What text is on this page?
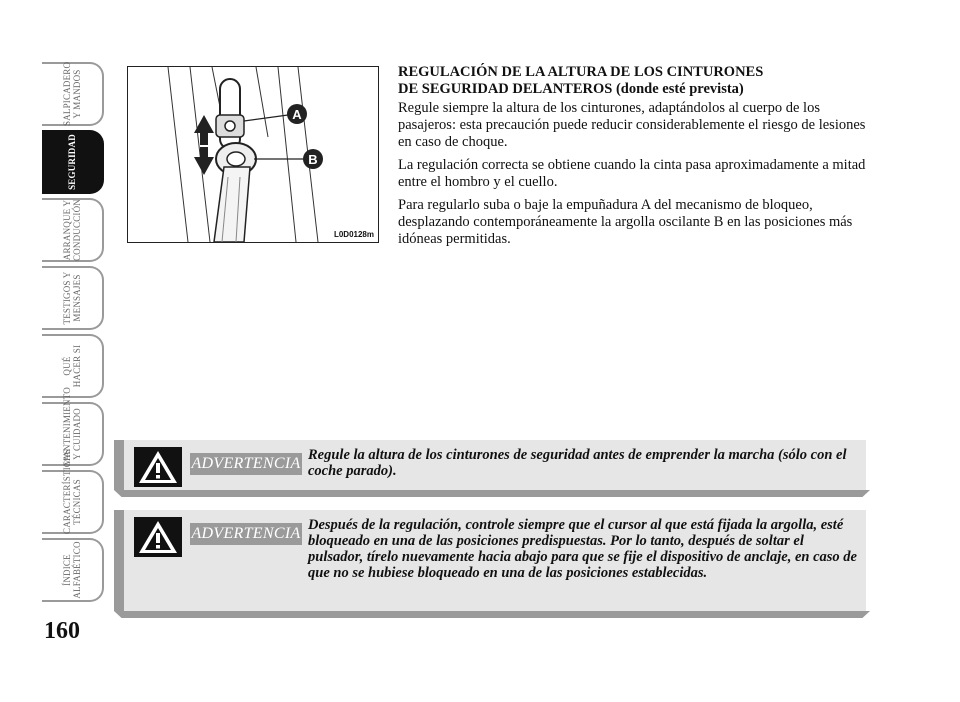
SALPICADERO
Y MANDOS
SEGURIDAD
ARRANQUE Y
CONDUCCIÓN
TESTIGOS Y
MENSAJES
QUÉ
HACER SI
MANTENIMIENTO
Y CUIDADO
CARACTERÍSTICAS
TÉCNICAS
ÍNDICE
ALFABÉTICO
160
A
B
L0D0128m
REGULACIÓN DE LA ALTURA DE LOS CINTURONES
DE SEGURIDAD DELANTEROS (donde esté prevista)

Regule siempre la altura de los cinturones, adaptándolos al cuerpo de los pasajeros: esta precaución puede reducir considerablemente el riesgo de lesiones en caso de choque.

La regulación correcta se obtiene cuando la cinta pasa aproximadamente a mitad entre el hombro y el cuello.

Para regularlo suba o baje la empuñadura A del mecanismo de bloqueo, desplazando contemporáneamente la argolla oscilante B en las posiciones más idóneas permitidas.

ADVERTENCIA Regule la altura de los cinturones de seguridad antes de emprender la marcha (sólo con el coche parado).
ADVERTENCIA Después de la regulación, controle siempre que el cursor al que está fijada la argolla, esté bloqueado en una de las posiciones predispuestas. Por lo tanto, después de soltar el pulsador, tírelo nuevamente hacia abajo para que se fije el dispositivo de anclaje, en caso de que no se hubiese bloqueado en una de las posiciones establecidas.
